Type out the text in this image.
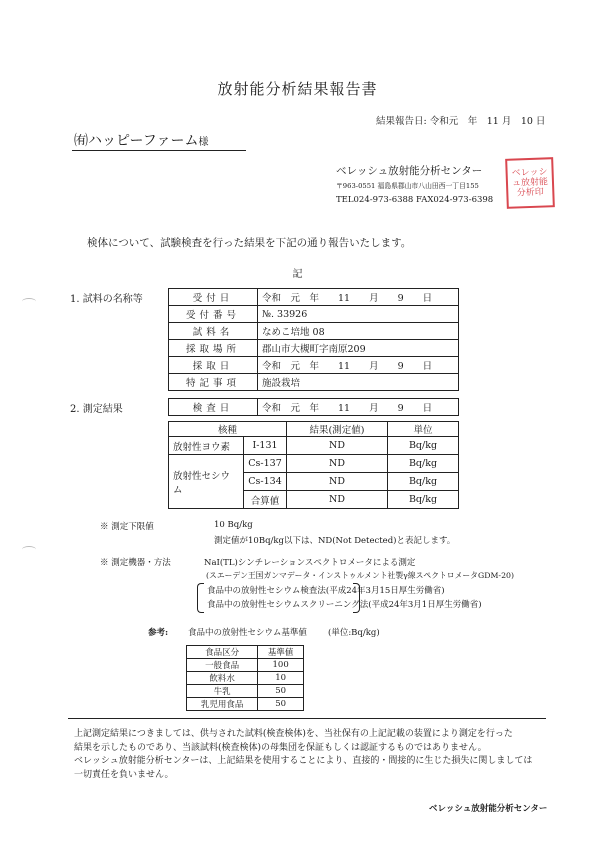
放射能分析結果報告書
結果報告日: 令和元　年　11 月　10 日
㈲ハッピーファーム様
ベレッシュ放射能分析センター
〒963-0551 福島県郡山市八山田西一丁目155
TEL024-973-6388 FAX024-973-6398
ベレッシュ放射能分析印
検体について、試験検査を行った結果を下記の通り報告いたします。
記
1. 試料の名称等	受付日	令和　元　年　　11　　月　　9　　日
受付番号	№. 33926
試料名	なめこ培地 08
採取場所	郡山市大槻町字南原209
採取日	令和　元　年　　11　　月　　9　　日
特記事項	施設栽培
2. 測定結果	検査日	令和　元　年　　11　　月　　9　　日
核種		結果(測定値)	単位
放射性ヨウ素	I-131	ND	Bq/kg
放射性セシウム	Cs-137	ND	Bq/kg
	Cs-134	ND	Bq/kg
	合算値	ND	Bq/kg
※ 測定下限値	10 Bq/kg
測定値が10Bq/kg以下は、ND(Not Detected)と表記します。
※ 測定機器・方法	NaI(TL)シンチレーションスペクトロメータによる測定
(スエーデン王国ガンマデータ・インストゥルメント社製γ線スペクトロメータGDM-20)
食品中の放射性セシウム検査法(平成24年3月15日厚生労働省)
食品中の放射性セシウムスクリーニング法(平成24年3月1日厚生労働省)
参考: 食品中の放射性セシウム基準値 (単位:Bq/kg)
食品区分	基準値
一般食品	100
飲料水	10
牛乳	50
乳児用食品	50

上記測定結果につきましては、供与された試料(検査検体)を、当社保有の上記記載の装置により測定を行った

結果を示したものであり、当該試料(検査検体)の母集団を保証もしくは認証するものではありません。

ベレッシュ放射能分析センターは、上記結果を使用することにより、直接的・間接的に生じた損失に関しましては

一切責任を負いません。

ベレッシュ放射能分析センター
